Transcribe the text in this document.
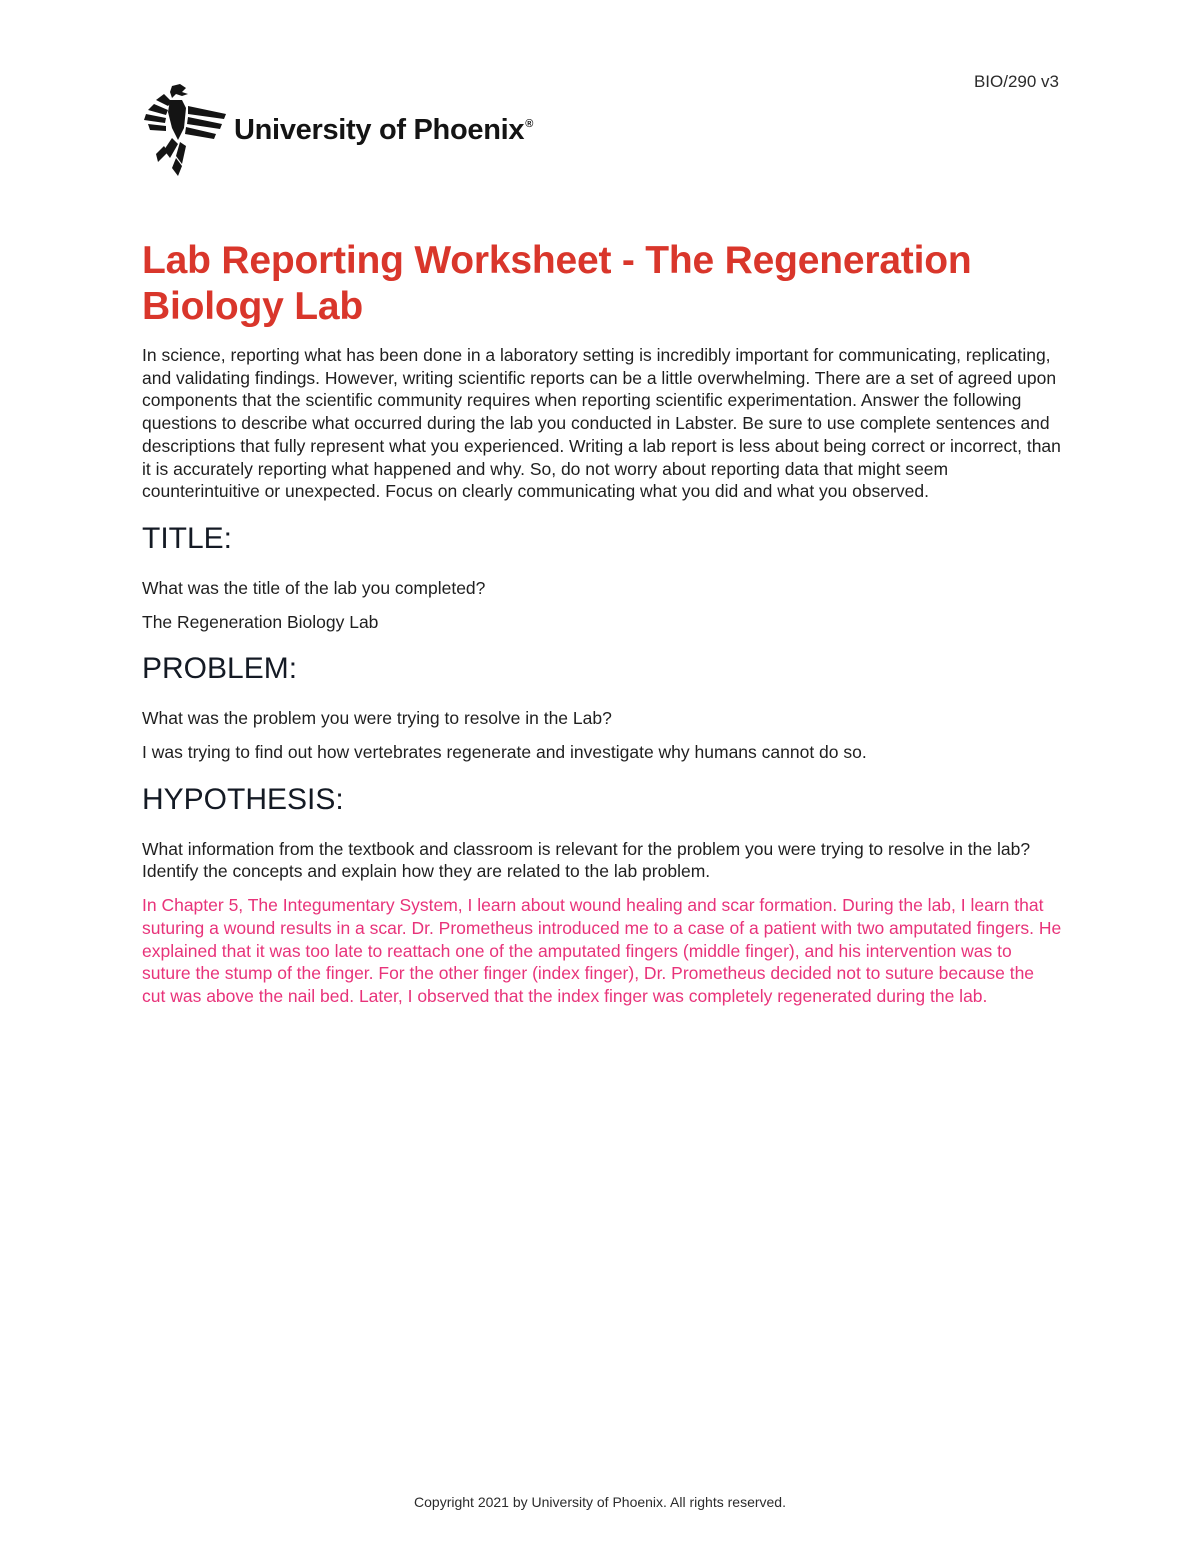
BIO/290 v3
University of Phoenix®
Lab Reporting Worksheet - The Regeneration Biology Lab

In science, reporting what has been done in a laboratory setting is incredibly important for communicating, replicating, and validating findings. However, writing scientific reports can be a little overwhelming. There are a set of agreed upon components that the scientific community requires when reporting scientific experimentation. Answer the following questions to describe what occurred during the lab you conducted in Labster. Be sure to use complete sentences and descriptions that fully represent what you experienced. Writing a lab report is less about being correct or incorrect, than it is accurately reporting what happened and why. So, do not worry about reporting data that might seem counterintuitive or unexpected. Focus on clearly communicating what you did and what you observed.

TITLE:

What was the title of the lab you completed?

The Regeneration Biology Lab

PROBLEM:

What was the problem you were trying to resolve in the Lab?

I was trying to find out how vertebrates regenerate and investigate why humans cannot do so.

HYPOTHESIS:

What information from the textbook and classroom is relevant for the problem you were trying to resolve in the lab? Identify the concepts and explain how they are related to the lab problem.

In Chapter 5, The Integumentary System, I learn about wound healing and scar formation. During the lab, I learn that suturing a wound results in a scar. Dr. Prometheus introduced me to a case of a patient with two amputated fingers. He explained that it was too late to reattach one of the amputated fingers (middle finger), and his intervention was to suture the stump of the finger. For the other finger (index finger), Dr. Prometheus decided not to suture because the cut was above the nail bed. Later, I observed that the index finger was completely regenerated during the lab.

Copyright 2021 by University of Phoenix. All rights reserved.
